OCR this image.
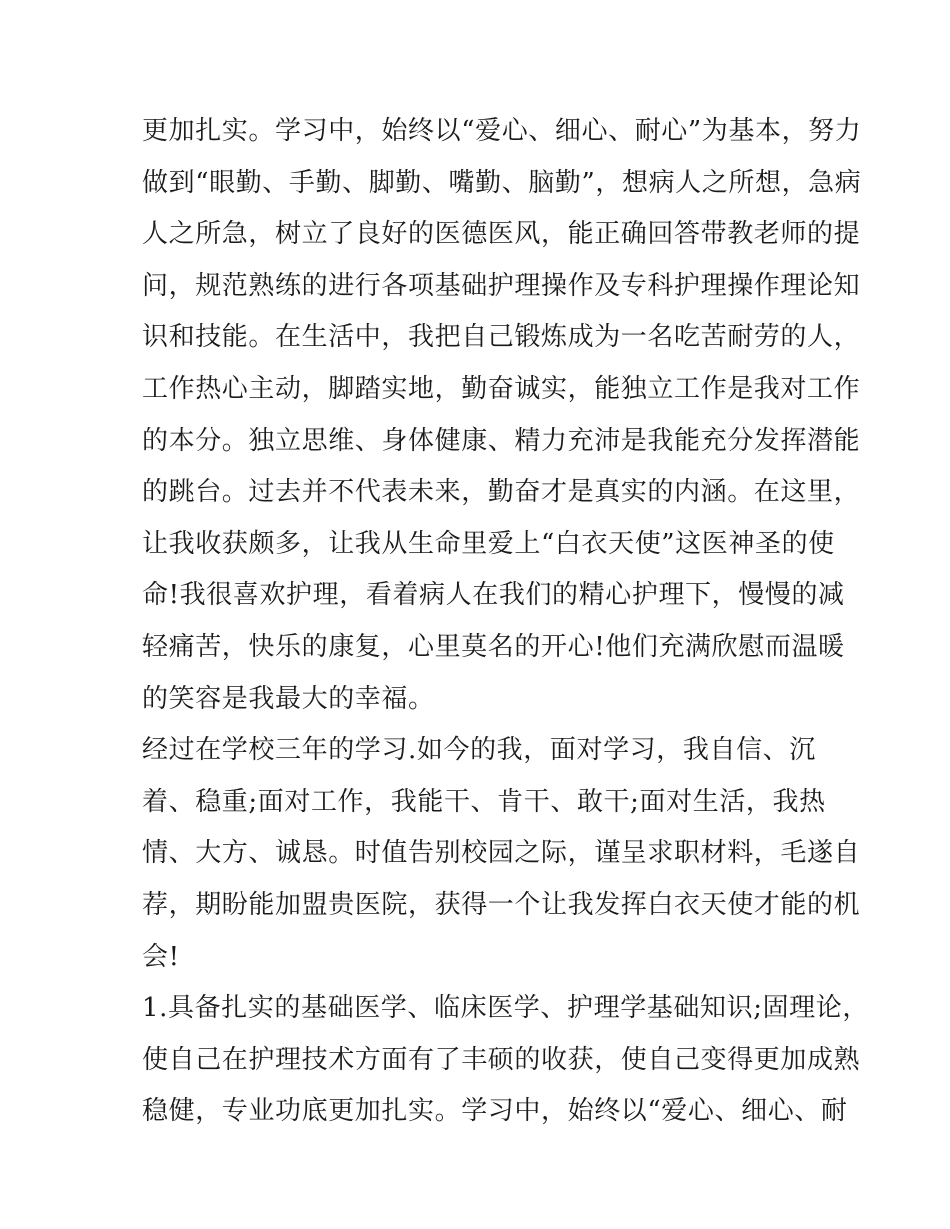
更加扎实。学习中，始终以“爱心、细心、耐心”为基本，努力
做到“眼勤、手勤、脚勤、嘴勤、脑勤”，想病人之所想，急病
人之所急，树立了良好的医德医风，能正确回答带教老师的提
问，规范熟练的进行各项基础护理操作及专科护理操作理论知
识和技能。在生活中，我把自己锻炼成为一名吃苦耐劳的人，
工作热心主动，脚踏实地，勤奋诚实，能独立工作是我对工作
的本分。独立思维、身体健康、精力充沛是我能充分发挥潜能
的跳台。过去并不代表未来，勤奋才是真实的内涵。在这里，
让我收获颇多，让我从生命里爱上“白衣天使”这医神圣的使
命!我很喜欢护理，看着病人在我们的精心护理下，慢慢的减
轻痛苦，快乐的康复，心里莫名的开心!他们充满欣慰而温暖
的笑容是我最大的幸福。
经过在学校三年的学习.如今的我，面对学习，我自信、沉
着、稳重;面对工作，我能干、肯干、敢干;面对生活，我热
情、大方、诚恳。时值告别校园之际，谨呈求职材料，毛遂自
荐，期盼能加盟贵医院，获得一个让我发挥白衣天使才能的机
会!
1.具备扎实的基础医学、临床医学、护理学基础知识;固理论，
使自己在护理技术方面有了丰硕的收获，使自己变得更加成熟
稳健，专业功底更加扎实。学习中，始终以“爱心、细心、耐
